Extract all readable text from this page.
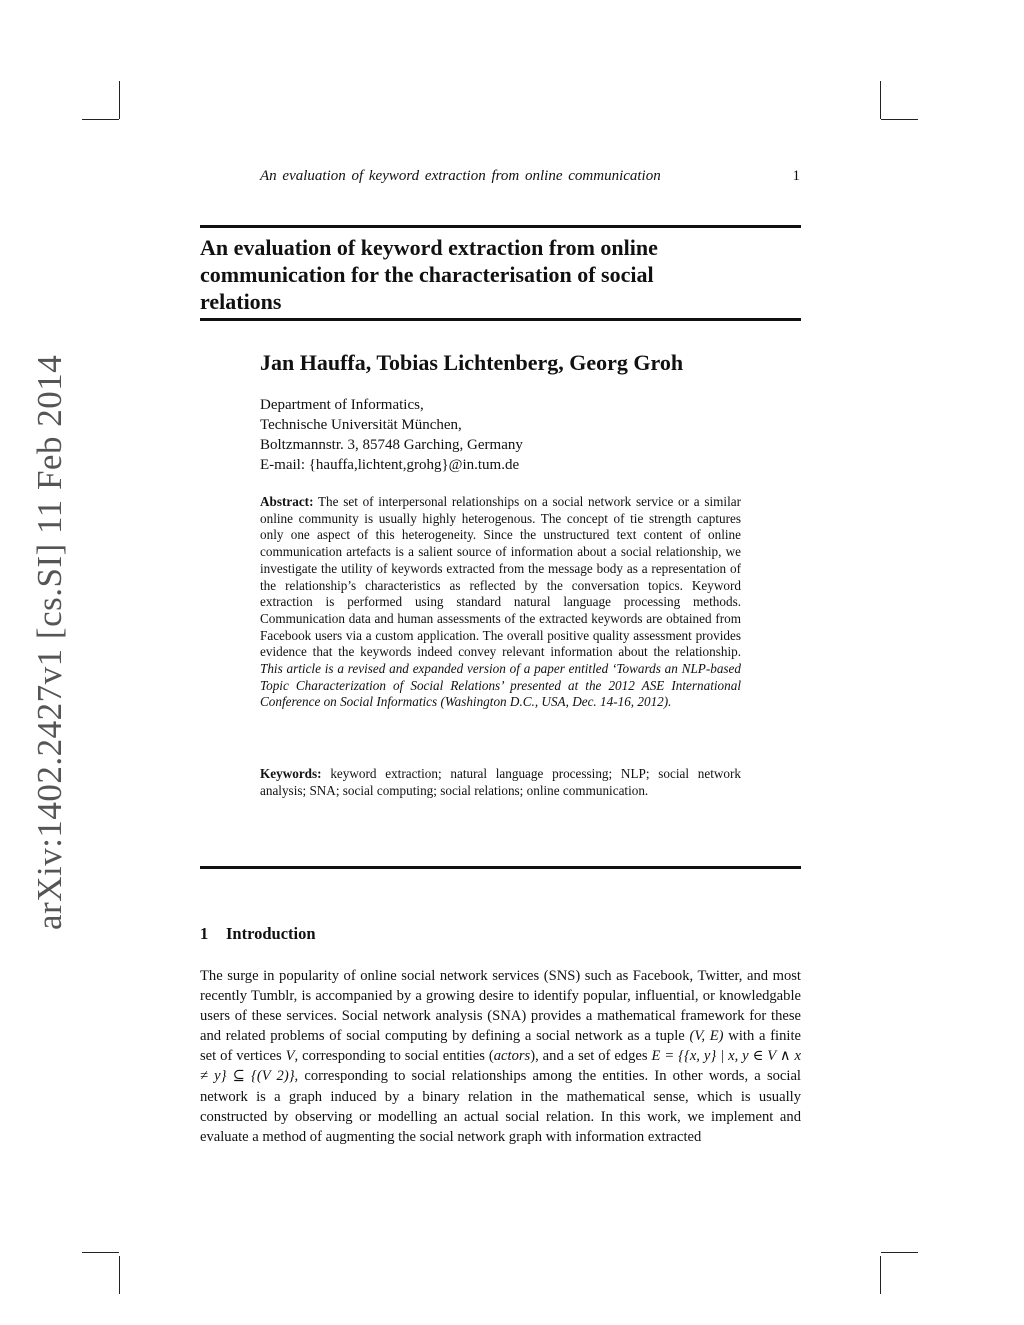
arXiv:1402.2427v1 [cs.SI] 11 Feb 2014
An evaluation of keyword extraction from online communication	1
An evaluation of keyword extraction from online
communication for the characterisation of social
relations
Jan Hauffa, Tobias Lichtenberg, Georg Groh
Department of Informatics,
Technische Universität München,
Boltzmannstr. 3, 85748 Garching, Germany
E-mail: {hauffa,lichtent,grohg}@in.tum.de
Abstract: The set of interpersonal relationships on a social network service or a similar online community is usually highly heterogenous. The concept of tie strength captures only one aspect of this heterogeneity. Since the unstructured text content of online communication artefacts is a salient source of information about a social relationship, we investigate the utility of keywords extracted from the message body as a representation of the relationship’s characteristics as reflected by the conversation topics. Keyword extraction is performed using standard natural language processing methods. Communication data and human assessments of the extracted keywords are obtained from Facebook users via a custom application. The overall positive quality assessment provides evidence that the keywords indeed convey relevant information about the relationship. This article is a revised and expanded version of a paper entitled ‘Towards an NLP-based Topic Characterization of Social Relations’ presented at the 2012 ASE International Conference on Social Informatics (Washington D.C., USA, Dec. 14-16, 2012).
Keywords: keyword extraction; natural language processing; NLP; social network analysis; SNA; social computing; social relations; online communication.
1 Introduction
The surge in popularity of online social network services (SNS) such as Facebook, Twitter, and most recently Tumblr, is accompanied by a growing desire to identify popular, influential, or knowledgable users of these services. Social network analysis (SNA) provides a mathematical framework for these and related problems of social computing by defining a social network as a tuple (V, E) with a finite set of vertices V, corresponding to social entities (actors), and a set of edges E = {{x, y} | x, y ∈ V ∧ x ≠ y} ⊆ {(V 2)}, corresponding to social relationships among the entities. In other words, a social network is a graph induced by a binary relation in the mathematical sense, which is usually constructed by observing or modelling an actual social relation. In this work, we implement and evaluate a method of augmenting the social network graph with information extracted
